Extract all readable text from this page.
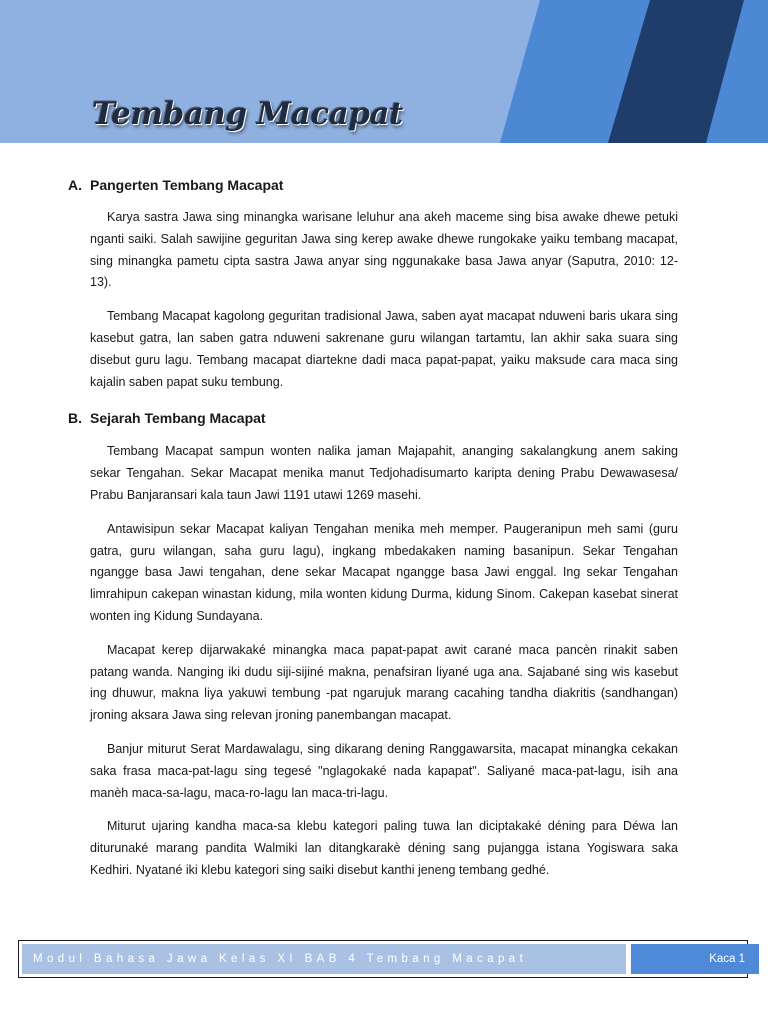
Tembang Macapat
A. Pangerten Tembang Macapat

Karya sastra Jawa sing minangka warisane leluhur ana akeh maceme sing bisa awake dhewe petuki nganti saiki. Salah sawijine geguritan Jawa sing kerep awake dhewe rungokake yaiku tembang macapat, sing minangka pametu cipta sastra Jawa anyar sing nggunakake basa Jawa anyar (Saputra, 2010: 12-13).

Tembang Macapat kagolong geguritan tradisional Jawa, saben ayat macapat nduweni baris ukara sing kasebut gatra, lan saben gatra nduweni sakrenane guru wilangan tartamtu, lan akhir saka suara sing disebut guru lagu. Tembang macapat diartekne dadi maca papat-papat, yaiku maksude cara maca sing kajalin saben papat suku tembung.

B. Sejarah Tembang Macapat

Tembang Macapat sampun wonten nalika jaman Majapahit, ananging sakalangkung anem saking sekar Tengahan. Sekar Macapat menika manut Tedjohadisumarto karipta dening Prabu Dewawasesa/ Prabu Banjaransari kala taun Jawi 1191 utawi 1269 masehi.

Antawisipun sekar Macapat kaliyan Tengahan menika meh memper. Paugeranipun meh sami (guru gatra, guru wilangan, saha guru lagu), ingkang mbedakaken naming basanipun. Sekar Tengahan ngangge basa Jawi tengahan, dene sekar Macapat ngangge basa Jawi enggal. Ing sekar Tengahan limrahipun cakepan winastan kidung, mila wonten kidung Durma, kidung Sinom. Cakepan kasebat sinerat wonten ing Kidung Sundayana.

Macapat kerep dijarwakaké minangka maca papat-papat awit carané maca pancèn rinakit saben patang wanda. Nanging iki dudu siji-sijiné makna, penafsiran liyané uga ana. Sajabané sing wis kasebut ing dhuwur, makna liya yakuwi tembung -pat ngarujuk marang cacahing tandha diakritis (sandhangan) jroning aksara Jawa sing relevan jroning panembangan macapat.

Banjur miturut Serat Mardawalagu, sing dikarang dening Ranggawarsita, macapat minangka cekakan saka frasa maca-pat-lagu sing tegesé "nglagokaké nada kapapat". Saliyané maca-pat-lagu, isih ana manèh maca-sa-lagu, maca-ro-lagu lan maca-tri-lagu.

Miturut ujaring kandha maca-sa klebu kategori paling tuwa lan diciptakaké déning para Déwa lan diturunaké marang pandita Walmiki lan ditangkarakè déning sang pujangga istana Yogiswara saka Kedhiri. Nyatané iki klebu kategori sing saiki disebut kanthi jeneng tembang gedhé.

Modul Bahasa Jawa Kelas XI BAB 4 Tembang Macapat	Kaca 1
